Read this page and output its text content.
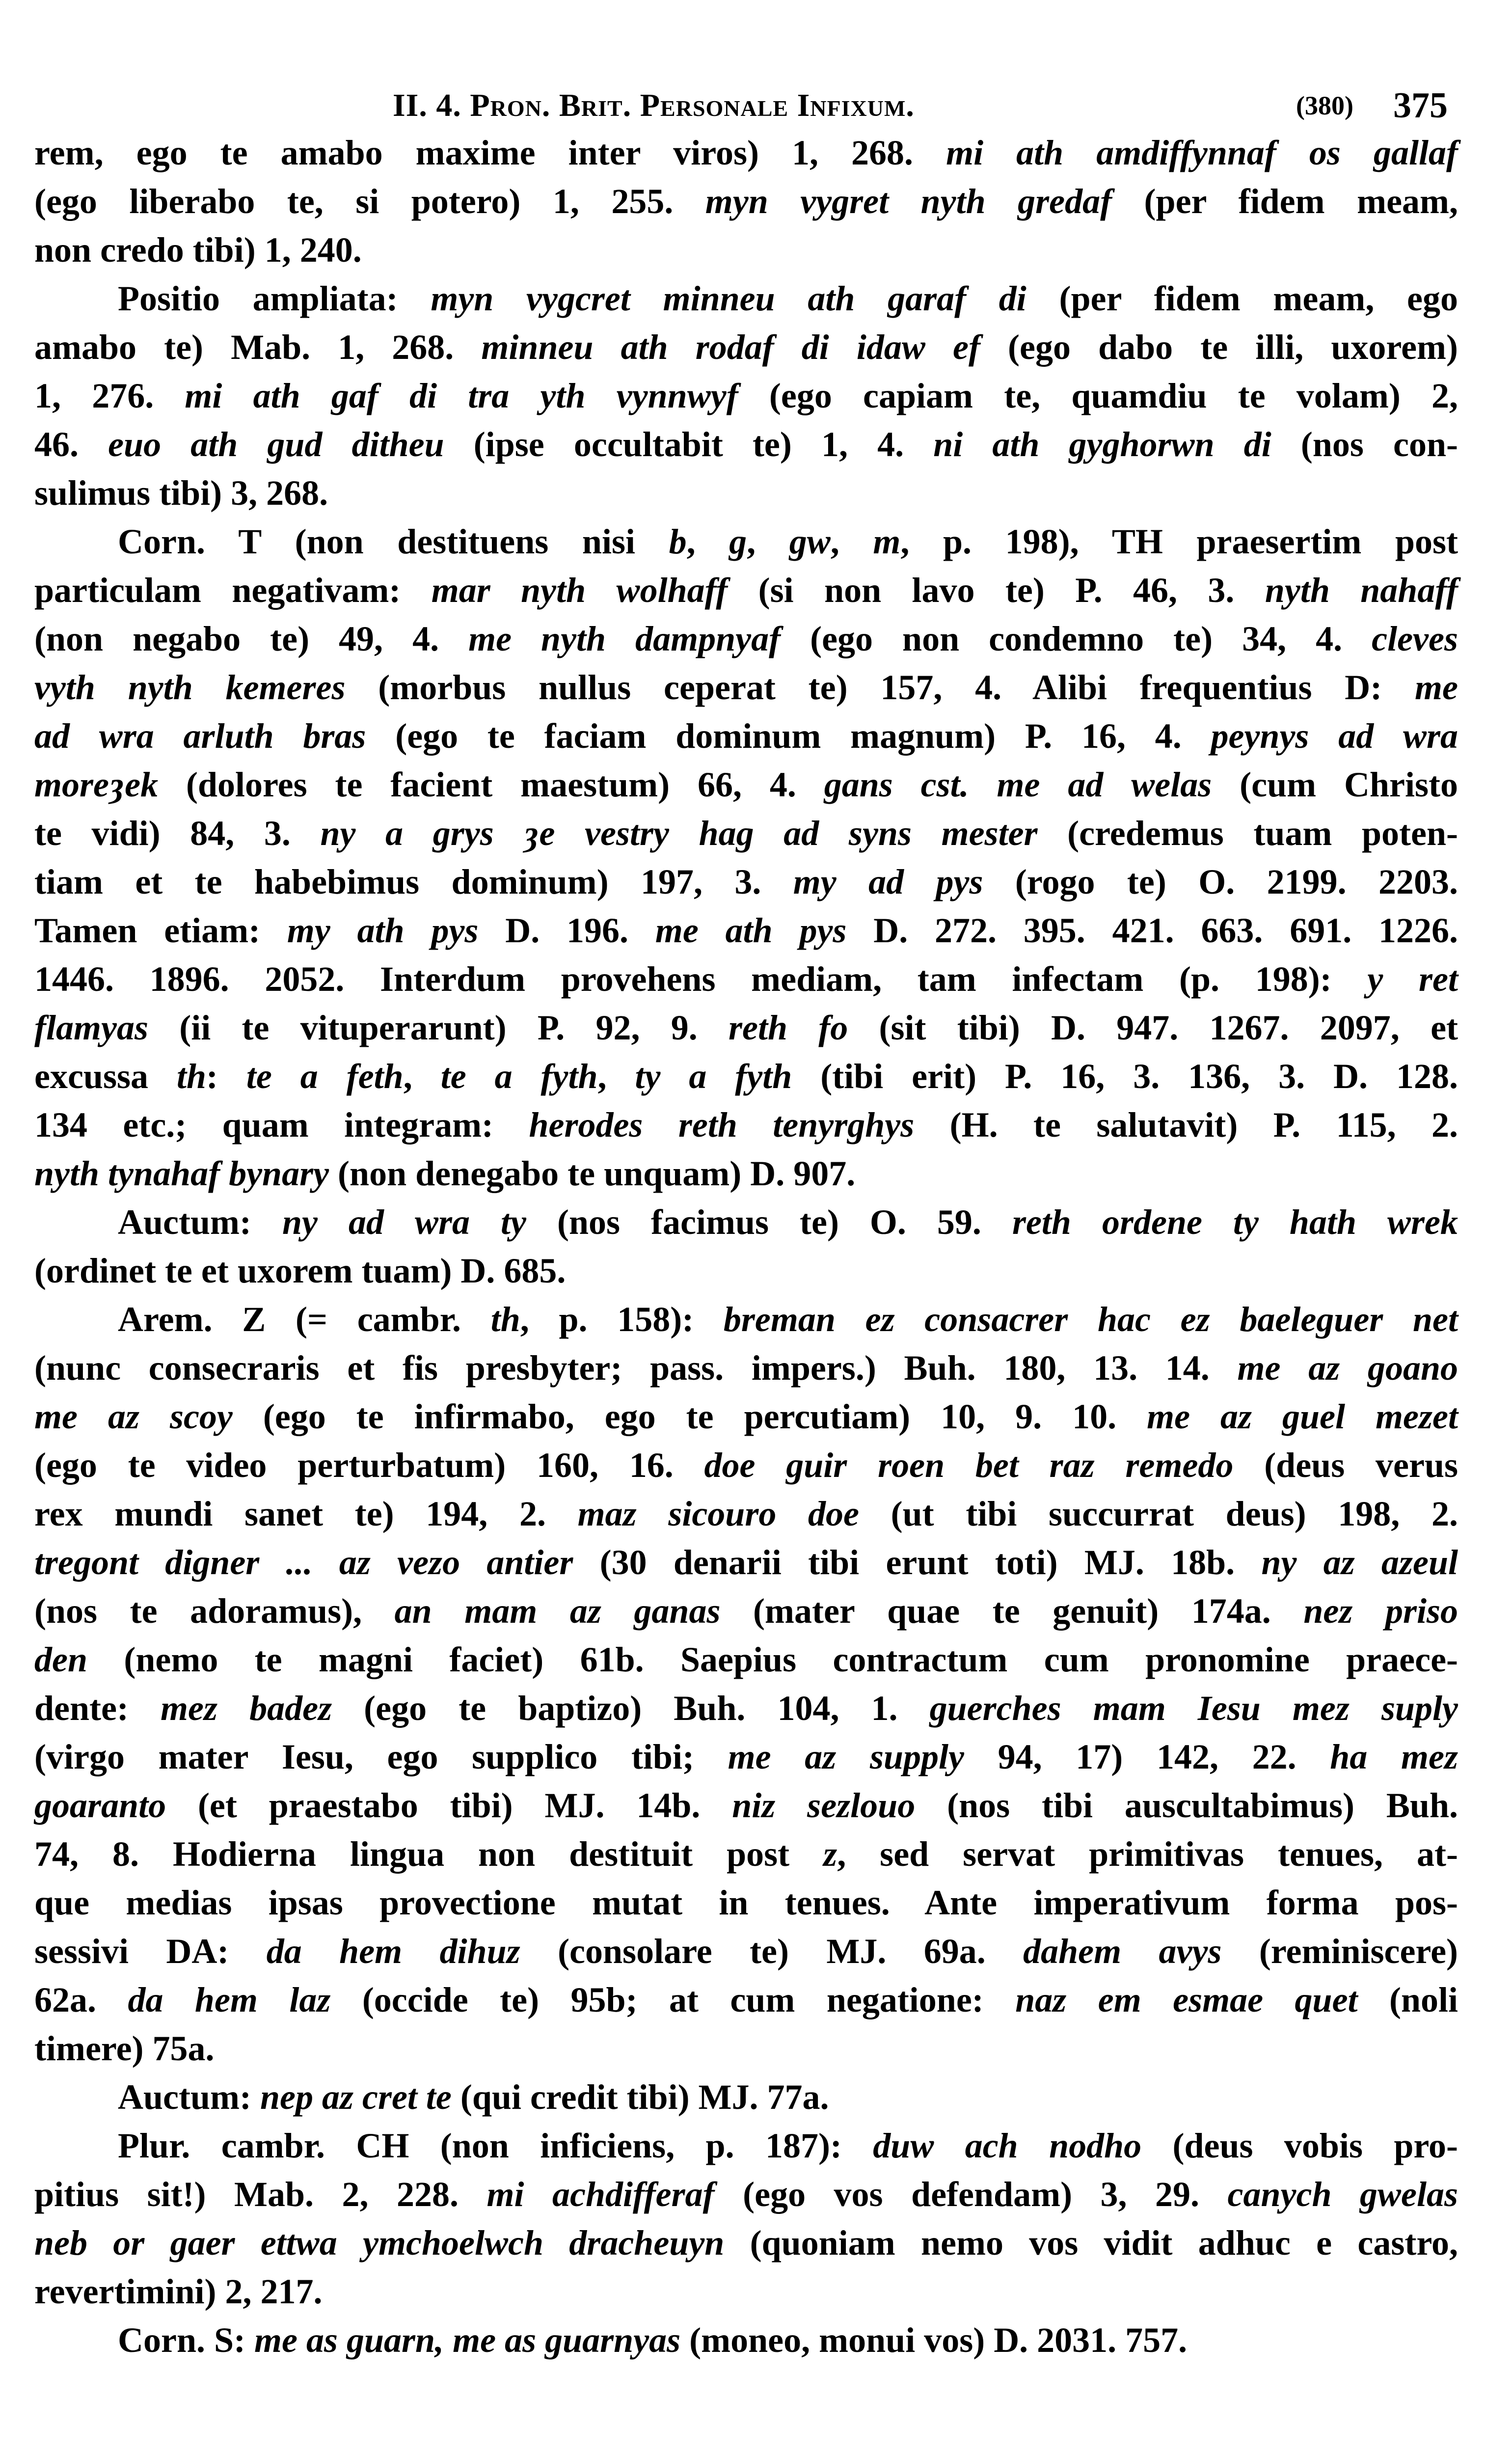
II. 4. Pron. Brit. Personale Infixum.	(380) 375
rem, ego te amabo maxime inter viros) 1, 268. mi ath amdiffynnaf os gallaf
(ego liberabo te, si potero) 1, 255. myn vygret nyth gredaf (per fidem meam,
non credo tibi) 1, 240.
Positio ampliata: myn vygcret minneu ath garaf di (per fidem meam, ego
amabo te) Mab. 1, 268. minneu ath rodaf di idaw ef (ego dabo te illi, uxorem)
1, 276. mi ath gaf di tra yth vynnwyf (ego capiam te, quamdiu te volam) 2,
46. euo ath gud ditheu (ipse occultabit te) 1, 4. ni ath gyghorwn di (nos con-
sulimus tibi) 3, 268.
Corn. T (non destituens nisi b, g, gw, m, p. 198), TH praesertim post
particulam negativam: mar nyth wolhaff (si non lavo te) P. 46, 3. nyth nahaff
(non negabo te) 49, 4. me nyth dampnyaf (ego non condemno te) 34, 4. cleves
vyth nyth kemeres (morbus nullus ceperat te) 157, 4. Alibi frequentius D: me
ad wra arluth bras (ego te faciam dominum magnum) P. 16, 4. peynys ad wra
moreȝek (dolores te facient maestum) 66, 4. gans cst. me ad welas (cum Christo
te vidi) 84, 3. ny a grys ȝe vestry hag ad syns mester (credemus tuam poten-
tiam et te habebimus dominum) 197, 3. my ad pys (rogo te) O. 2199. 2203.
Tamen etiam: my ath pys D. 196. me ath pys D. 272. 395. 421. 663. 691. 1226.
1446. 1896. 2052. Interdum provehens mediam, tam infectam (p. 198): y ret
flamyas (ii te vituperarunt) P. 92, 9. reth fo (sit tibi) D. 947. 1267. 2097, et
excussa th: te a feth, te a fyth, ty a fyth (tibi erit) P. 16, 3. 136, 3. D. 128.
134 etc.; quam integram: herodes reth tenyrghys (H. te salutavit) P. 115, 2.
nyth tynahaf bynary (non denegabo te unquam) D. 907.
Auctum: ny ad wra ty (nos facimus te) O. 59. reth ordene ty hath wrek
(ordinet te et uxorem tuam) D. 685.
Arem. Z (= cambr. th, p. 158): breman ez consacrer hac ez baeleguer net
(nunc consecraris et fis presbyter; pass. impers.) Buh. 180, 13. 14. me az goano
me az scoy (ego te infirmabo, ego te percutiam) 10, 9. 10. me az guel mezet
(ego te video perturbatum) 160, 16. doe guir roen bet raz remedo (deus verus
rex mundi sanet te) 194, 2. maz sicouro doe (ut tibi succurrat deus) 198, 2.
tregont digner ... az vezo antier (30 denarii tibi erunt toti) MJ. 18b. ny az azeul
(nos te adoramus), an mam az ganas (mater quae te genuit) 174a. nez priso
den (nemo te magni faciet) 61b. Saepius contractum cum pronomine praece-
dente: mez badez (ego te baptizo) Buh. 104, 1. guerches mam Iesu mez suply
(virgo mater Iesu, ego supplico tibi; me az supply 94, 17) 142, 22. ha mez
goaranto (et praestabo tibi) MJ. 14b. niz sezlouo (nos tibi auscultabimus) Buh.
74, 8. Hodierna lingua non destituit post z, sed servat primitivas tenues, at-
que medias ipsas provectione mutat in tenues. Ante imperativum forma pos-
sessivi DA: da hem dihuz (consolare te) MJ. 69a. dahem avys (reminiscere)
62a. da hem laz (occide te) 95b; at cum negatione: naz em esmae quet (noli
timere) 75a.
Auctum: nep az cret te (qui credit tibi) MJ. 77a.
Plur. cambr. CH (non inficiens, p. 187): duw ach nodho (deus vobis pro-
pitius sit!) Mab. 2, 228. mi achdifferaf (ego vos defendam) 3, 29. canych gwelas
neb or gaer ettwa ymchoelwch dracheuyn (quoniam nemo vos vidit adhuc e castro,
revertimini) 2, 217.
Corn. S: me as guarn, me as guarnyas (moneo, monui vos) D. 2031. 757.
